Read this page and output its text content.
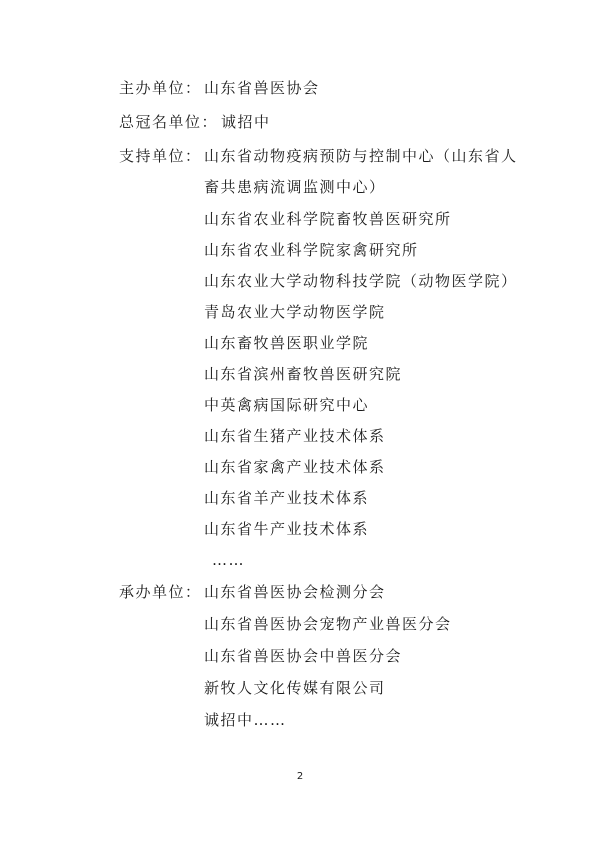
主办单位： 山东省兽医协会
总冠名单位： 诚招中
支持单位： 山东省动物疫病预防与控制中心（山东省人
畜共患病流调监测中心）
山东省农业科学院畜牧兽医研究所
山东省农业科学院家禽研究所
山东农业大学动物科技学院（动物医学院）
青岛农业大学动物医学院
山东畜牧兽医职业学院
山东省滨州畜牧兽医研究院
中英禽病国际研究中心
山东省生猪产业技术体系
山东省家禽产业技术体系
山东省羊产业技术体系
山东省牛产业技术体系
……
承办单位： 山东省兽医协会检测分会
山东省兽医协会宠物产业兽医分会
山东省兽医协会中兽医分会
新牧人文化传媒有限公司
诚招中……
2
